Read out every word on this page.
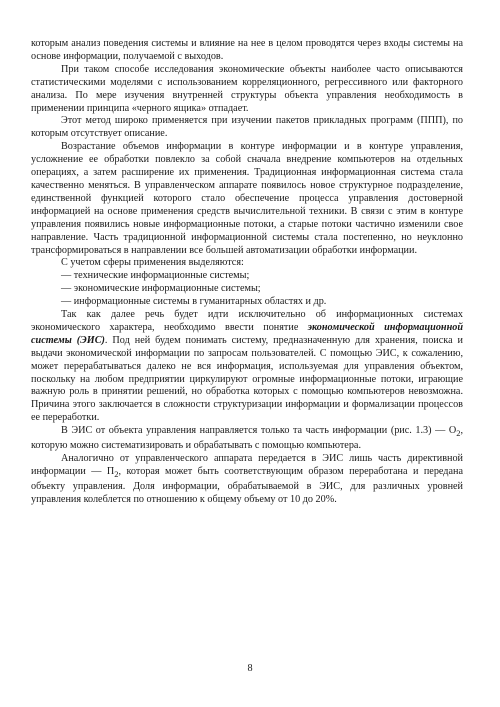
которым анализ поведения системы и влияние на нее в целом проводятся через входы системы на основе информации, получаемой с выходов.

При таком способе исследования экономические объекты наиболее часто описываются статистическими моделями с использованием корреляционного, регрессивного или факторного анализа. По мере изучения внутренней структуры объекта управления необходимость в применении принципа «черного ящика» отпадает.

Этот метод широко применяется при изучении пакетов прикладных программ (ППП), по которым отсутствует описание.

Возрастание объемов информации в контуре информации и в контуре управления, усложнение ее обработки повлекло за собой сначала внедрение компьютеров на отдельных операциях, а затем расширение их применения. Традиционная информационная система стала качественно меняться. В управленческом аппарате появилось новое структурное подразделение, единственной функцией которого стало обеспечение процесса управления достоверной информацией на основе применения средств вычислительной техники. В связи с этим в контуре управления появились новые информационные потоки, а старые потоки частично изменили свое направление. Часть традиционной информационной системы стала постепенно, но неуклонно трансформироваться в направлении все большей автоматизации обработки информации.

С учетом сферы применения выделяются:

— технические информационные системы;

— экономические информационные системы;

— информационные системы в гуманитарных областях и др.

Так как далее речь будет идти исключительно об информационных системах экономического характера, необходимо ввести понятие экономической информационной системы (ЭИС). Под ней будем понимать систему, предназначенную для хранения, поиска и выдачи экономической информации по запросам пользователей. С помощью ЭИС, к сожалению, может перерабатываться далеко не вся информация, используемая для управления объектом, поскольку на любом предприятии циркулируют огромные информационные потоки, играющие важную роль в принятии решений, но обработка которых с помощью компьютеров невозможна. Причина этого заключается в сложности структуризации информации и формализации процессов ее переработки.

В ЭИС от объекта управления направляется только та часть информации (рис. 1.3) — $O_2$, которую можно систематизировать и обрабатывать с помощью компьютера.

Аналогично от управленческого аппарата передается в ЭИС лишь часть директивной информации — $П_2$, которая может быть соответствующим образом переработана и передана объекту управления. Доля информации, обрабатываемой в ЭИС, для различных уровней управления колеблется по отношению к общему объему от 10 до 20%.

8
